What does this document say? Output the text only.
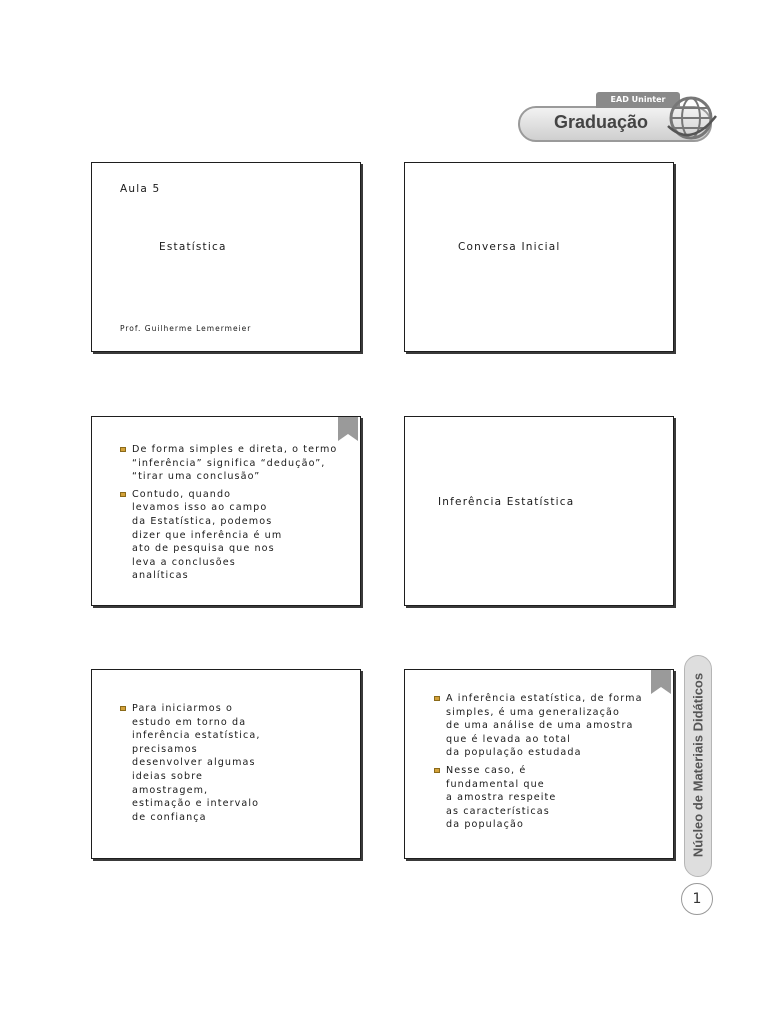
EAD Uninter
Graduação
Aula 5
Estatística
Prof. Guilherme Lemermeier
Conversa Inicial
De forma simples e direta, o termo
“inferência” significa “dedução”,
“tirar uma conclusão”
Contudo, quando
levamos isso ao campo
da Estatística, podemos
dizer que inferência é um
ato de pesquisa que nos
leva a conclusões
analíticas
Inferência Estatística
Para iniciarmos o
estudo em torno da
inferência estatística,
precisamos
desenvolver algumas
ideias sobre
amostragem,
estimação e intervalo
de confiança
A inferência estatística, de forma
simples, é uma generalização
de uma análise de uma amostra
que é levada ao total
da população estudada
Nesse caso, é
fundamental que
a amostra respeite
as características
da população	Núcleo de Materiais Didáticos
1
